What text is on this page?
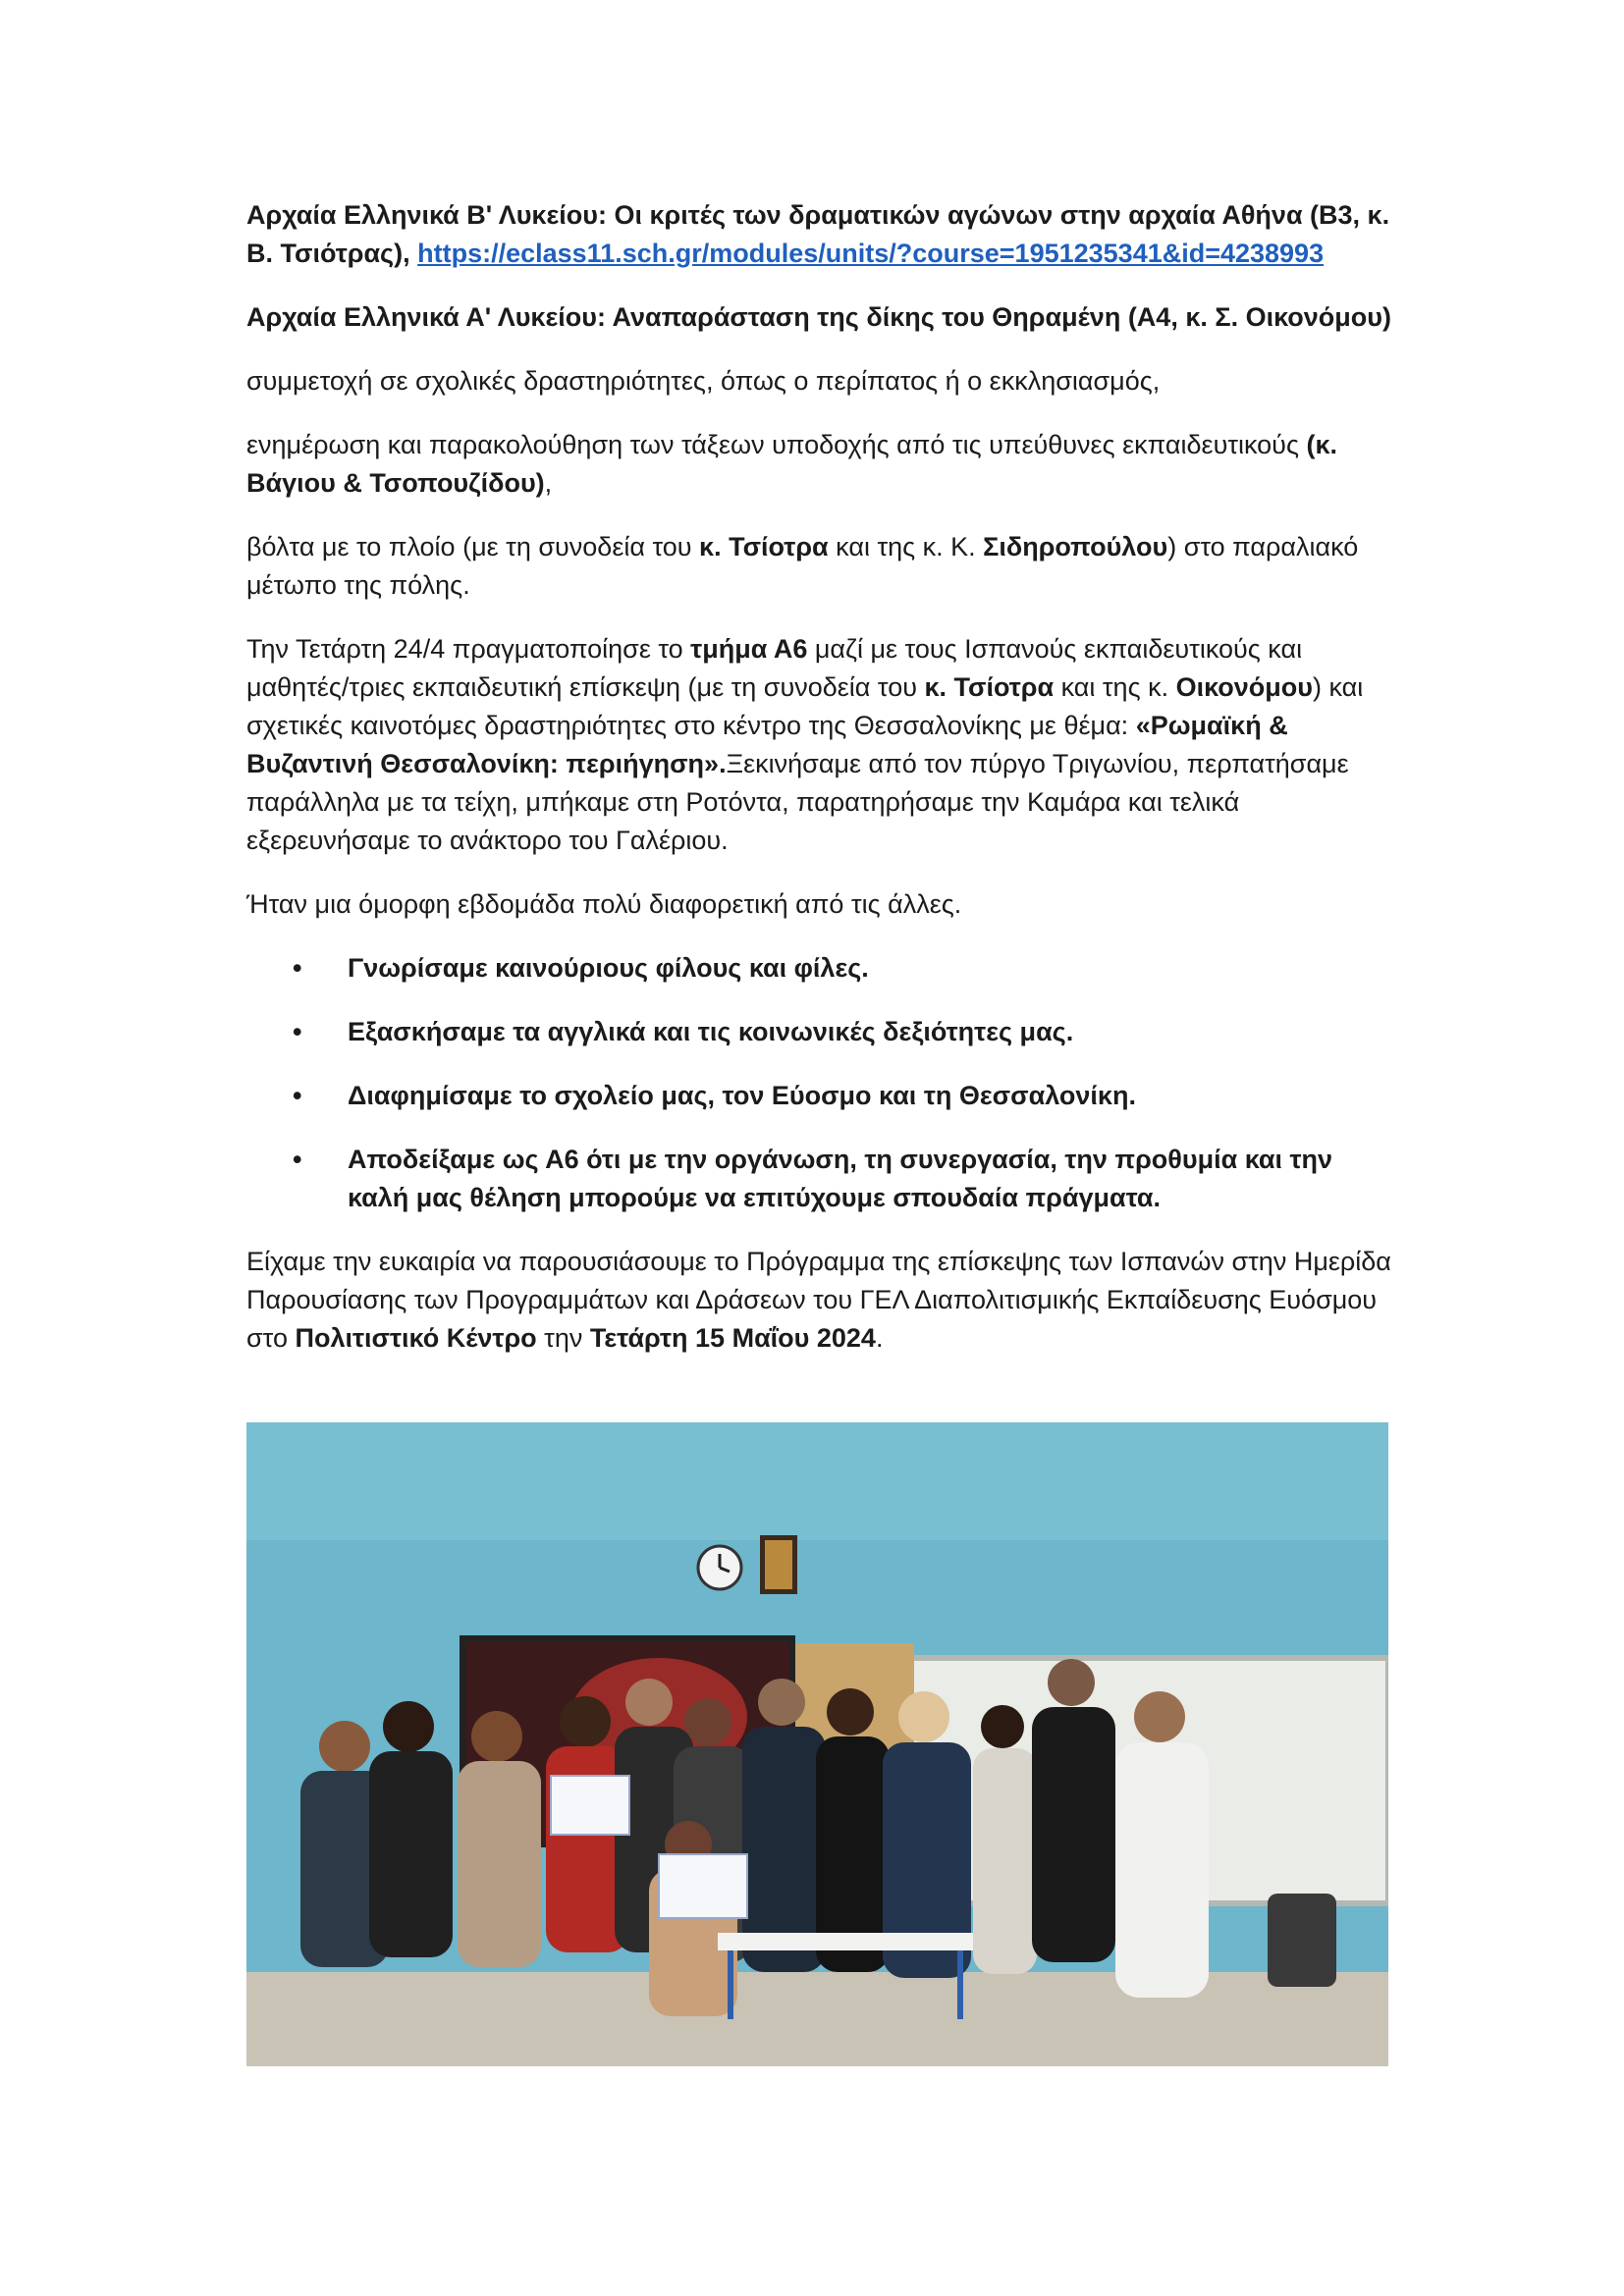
Αρχαία Ελληνικά Β' Λυκείου: Οι κριτές των δραματικών αγώνων στην αρχαία Αθήνα (Β3, κ. Β. Τσιότρας), https://eclass11.sch.gr/modules/units/?course=1951235341&id=4238993

Αρχαία Ελληνικά Α' Λυκείου: Αναπαράσταση της δίκης του Θηραμένη (Α4, κ. Σ. Οικονόμου)

συμμετοχή σε σχολικές δραστηριότητες, όπως ο περίπατος ή ο εκκλησιασμός,

ενημέρωση και παρακολούθηση των τάξεων υποδοχής από τις υπεύθυνες εκπαιδευτικούς (κ. Βάγιου & Τσοπουζίδου),

βόλτα με το πλοίο (με τη συνοδεία του κ. Τσίοτρα και της κ. Κ. Σιδηροπούλου) στο παραλιακό μέτωπο της πόλης.

Την Τετάρτη 24/4 πραγματοποίησε το τμήμα Α6 μαζί με τους Ισπανούς εκπαιδευτικούς και μαθητές/τριες εκπαιδευτική επίσκεψη (με τη συνοδεία του κ. Τσίοτρα και της κ. Οικονόμου) και σχετικές καινοτόμες δραστηριότητες στο κέντρο της Θεσσαλονίκης με θέμα: «Ρωμαϊκή & Βυζαντινή Θεσσαλονίκη: περιήγηση».Ξεκινήσαμε από τον πύργο Τριγωνίου, περπατήσαμε παράλληλα με τα τείχη, μπήκαμε στη Ροτόντα, παρατηρήσαμε την Καμάρα και τελικά εξερευνήσαμε το ανάκτορο του Γαλέριου.

Ήταν μια όμορφη εβδομάδα πολύ διαφορετική από τις άλλες.

• Γνωρίσαμε καινούριους φίλους και φίλες.
• Εξασκήσαμε τα αγγλικά και τις κοινωνικές δεξιότητες μας.
• Διαφημίσαμε το σχολείο μας, τον Εύοσμο και τη Θεσσαλονίκη.
• Αποδείξαμε ως Α6 ότι με την οργάνωση, τη συνεργασία, την προθυμία και την καλή μας θέληση μπορούμε να επιτύχουμε σπουδαία πράγματα.

Είχαμε την ευκαιρία να παρουσιάσουμε το Πρόγραμμα της επίσκεψης των Ισπανών στην Ημερίδα Παρουσίασης των Προγραμμάτων και Δράσεων του ΓΕΛ Διαπολιτισμικής Εκπαίδευσης Ευόσμου στο Πολιτιστικό Κέντρο την Τετάρτη 15 Μαΐου 2024.
